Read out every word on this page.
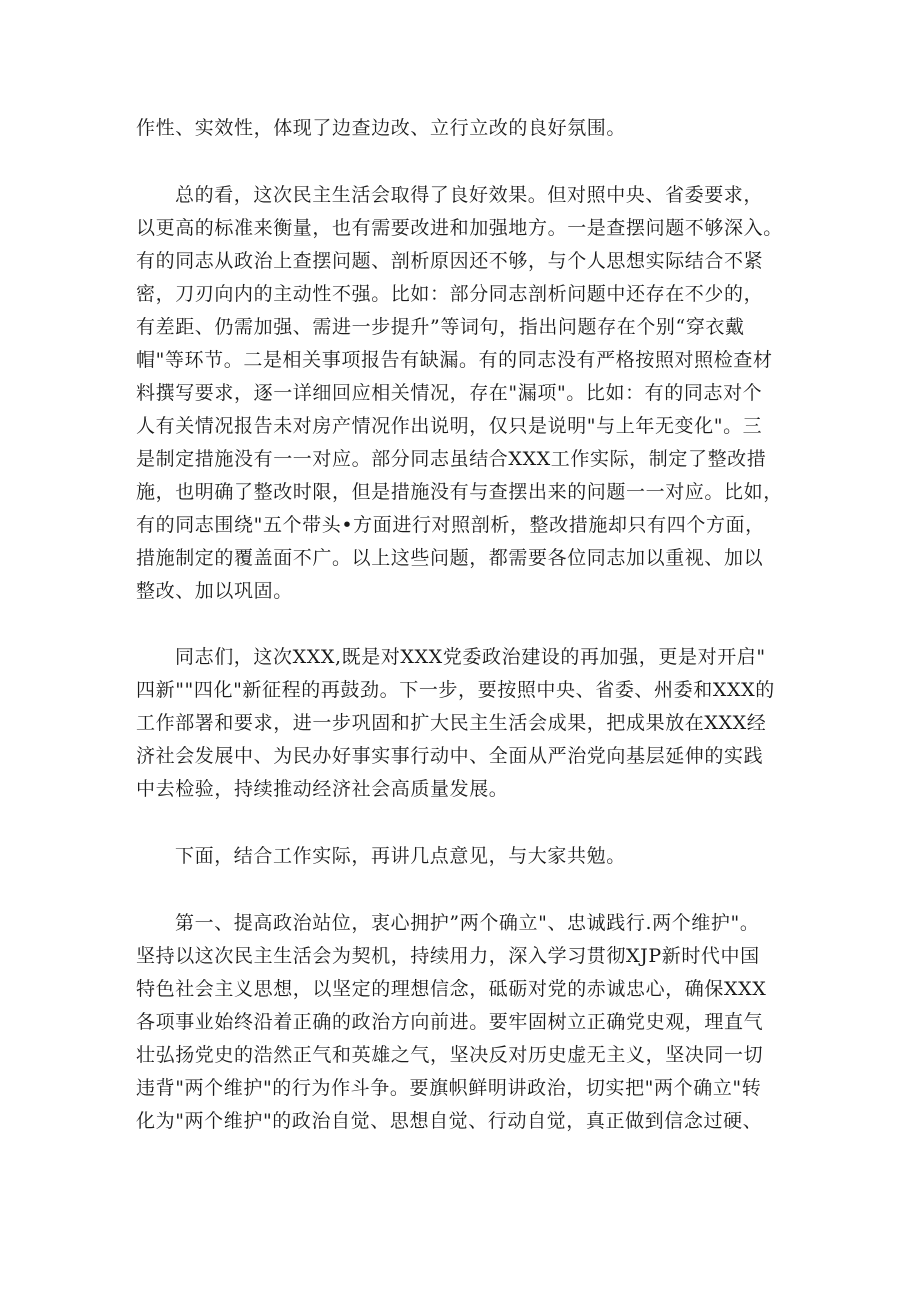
作性、实效性，体现了边查边改、立行立改的良好氛围。
总的看，这次民主生活会取得了良好效果。但对照中央、省委要求，
以更高的标准来衡量，也有需要改进和加强地方。一是查摆问题不够深入。
有的同志从政治上查摆问题、剖析原因还不够，与个人思想实际结合不紧
密，刀刃向内的主动性不强。比如：部分同志剖析问题中还存在不少的，
有差距、仍需加强、需进一步提升”等词句，指出问题存在个别“穿衣戴
帽"等环节。二是相关事项报告有缺漏。有的同志没有严格按照对照检查材
料撰写要求，逐一详细回应相关情况，存在"漏项"。比如：有的同志对个
人有关情况报告未对房产情况作出说明，仅只是说明"与上年无变化"。三
是制定措施没有一一对应。部分同志虽结合XXX工作实际，制定了整改措
施，也明确了整改时限，但是措施没有与查摆出来的问题一一对应。比如，
有的同志围绕"五个带头•方面进行对照剖析，整改措施却只有四个方面，
措施制定的覆盖面不广。以上这些问题，都需要各位同志加以重视、加以
整改、加以巩固。
同志们，这次XXX,既是对XXX党委政治建设的再加强，更是对开启"
四新""四化"新征程的再鼓劲。下一步，要按照中央、省委、州委和XXX的
工作部署和要求，进一步巩固和扩大民主生活会成果，把成果放在XXX经
济社会发展中、为民办好事实事行动中、全面从严治党向基层延伸的实践
中去检验，持续推动经济社会高质量发展。
下面，结合工作实际，再讲几点意见，与大家共勉。
第一、提高政治站位，衷心拥护”两个确立"、忠诚践行.两个维护"。
坚持以这次民主生活会为契机，持续用力，深入学习贯彻XJP新时代中国
特色社会主义思想，以坚定的理想信念，砥砺对党的赤诚忠心，确保XXX
各项事业始终沿着正确的政治方向前进。要牢固树立正确党史观，理直气
壮弘扬党史的浩然正气和英雄之气，坚决反对历史虚无主义，坚决同一切
违背"两个维护"的行为作斗争。要旗帜鲜明讲政治，切实把"两个确立"转
化为"两个维护"的政治自觉、思想自觉、行动自觉，真正做到信念过硬、
